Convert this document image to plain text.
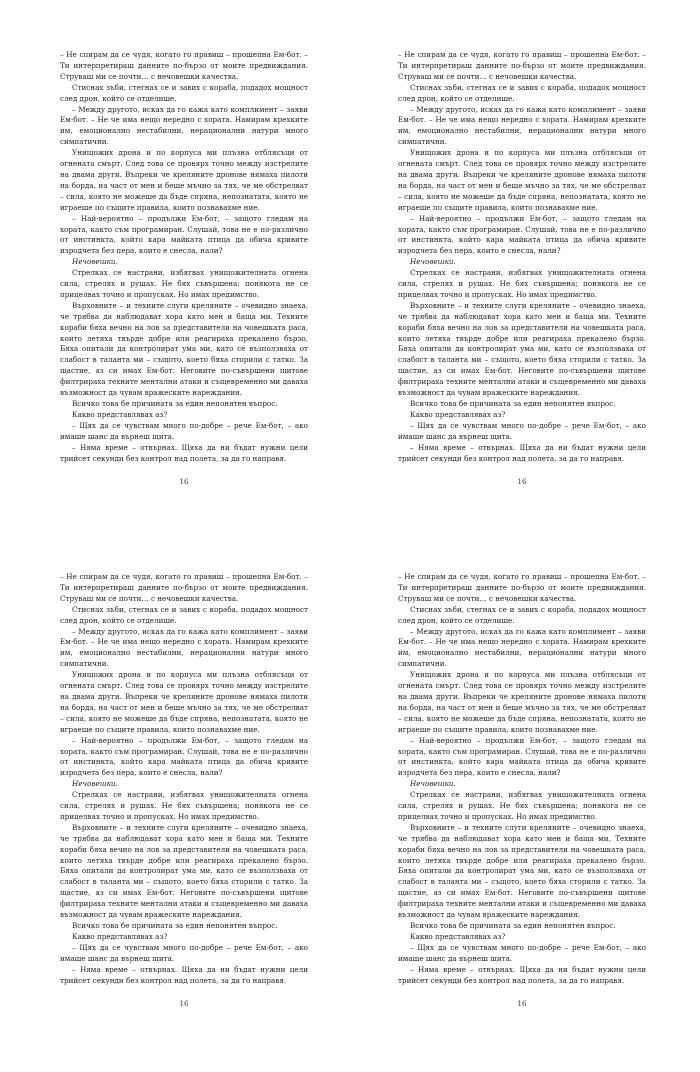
– Не спирам да се чудя, когато го правиш – прошепна Ем-бот. – Ти интерпретираш данните по-бързо от моите предвиждания. Струваш ми се почти… с нечовешки качества.

Стиснах зъби, стегнах се и завих с кораба, подадох мощност след дрон, който се отделише.

– Между другото, исках да го кажа като комплимент – заяви Ем-бот. – Не че има нещо нередно с хората. Намирам крехките им, емоционално нестабилни, нерационални натури много симпатични.

Унищожих дрона и по корпуса ми плъзна отблясъци от огнената смърт. След това се провярх точно между изстрелите на двама други. Въпреки че креляните дронове нямаха пилоти на борда, на част от мен и беше мъчно за тях, че ме обстрелват – сила, която не можеше да бъде спряна, непознатата, която не играеше по същите правила, които познавахме ние.

– Най-вероятно – продължи Ем-бот, – защото гледам на хората, както съм програмиран. Слушай, това не е по-различно от инстинкта, който кара майката птица да обича кривите изродчета без пера, които е снесла, нали?

Нечовешки.

Стрелках се настрани, избягвах унищожителната огнена сила, стрелях и рушах. Не бях съвършена; понякога не се прицелвах точно и пропусках. Но имах предимство.

Върховните – и техните слуги креляните – очевидно знаеха, че трябва да наблюдават хора като мен и баща ми. Техните кораби бяха вечно на лов за представители на човешката раса, които летяха твърде добре или реагираха прекалено бързо. Бяха опитали да контролират ума ми, като се възползваха от слабост в таланта ми – същото, което бяха сторили с татко. За щастие, аз си имах Ем-бот. Неговите по-съвършени щитове филтрираха техните ментални атаки и същевременно ми даваха възможност да чувам вражеските нареждания.

Всичко това бе причината за един непонятен въпрос.

Какво представлявах аз?

– Щях да се чувствам много по-добре – рече Ем-бот, – ако имаше шанс да върнеш щита.

– Няма време – отвърнах. Щяха да ни бъдат нужни цели трийсет секунди без контрол над полета, за да го направя.

16

– Не спирам да се чудя, когато го правиш – прошепна Ем-бот. – Ти интерпретираш данните по-бързо от моите предвиждания. Струваш ми се почти… с нечовешки качества.

Стиснах зъби, стегнах се и завих с кораба, подадох мощност след дрон, който се отделише.

– Между другото, исках да го кажа като комплимент – заяви Ем-бот. – Не че има нещо нередно с хората. Намирам крехките им, емоционално нестабилни, нерационални натури много симпатични.

Унищожих дрона и по корпуса ми плъзна отблясъци от огнената смърт. След това се провярх точно между изстрелите на двама други. Въпреки че креляните дронове нямаха пилоти на борда, на част от мен и беше мъчно за тях, че ме обстрелват – сила, която не можеше да бъде спряна, непознатата, която не играеше по същите правила, които познавахме ние.

– Най-вероятно – продължи Ем-бот, – защото гледам на хората, както съм програмиран. Слушай, това не е по-различно от инстинкта, който кара майката птица да обича кривите изродчета без пера, които е снесла, нали?

Нечовешки.

Стрелках се настрани, избягвах унищожителната огнена сила, стрелях и рушах. Не бях съвършена; понякога не се прицелвах точно и пропусках. Но имах предимство.

Върховните – и техните слуги креляните – очевидно знаеха, че трябва да наблюдават хора като мен и баща ми. Техните кораби бяха вечно на лов за представители на човешката раса, които летяха твърде добре или реагираха прекалено бързо. Бяха опитали да контролират ума ми, като се възползваха от слабост в таланта ми – същото, което бяха сторили с татко. За щастие, аз си имах Ем-бот. Неговите по-съвършени щитове филтрираха техните ментални атаки и същевременно ми даваха възможност да чувам вражеските нареждания.

Всичко това бе причината за един непонятен въпрос.

Какво представлявах аз?

– Щях да се чувствам много по-добре – рече Ем-бот, – ако имаше шанс да върнеш щита.

– Няма време – отвърнах. Щяха да ни бъдат нужни цели трийсет секунди без контрол над полета, за да го направя.

16

– Не спирам да се чудя, когато го правиш – прошепна Ем-бот. – Ти интерпретираш данните по-бързо от моите предвиждания. Струваш ми се почти… с нечовешки качества.

Стиснах зъби, стегнах се и завих с кораба, подадох мощност след дрон, който се отделише.

– Между другото, исках да го кажа като комплимент – заяви Ем-бот. – Не че има нещо нередно с хората. Намирам крехките им, емоционално нестабилни, нерационални натури много симпатични.

Унищожих дрона и по корпуса ми плъзна отблясъци от огнената смърт. След това се провярх точно между изстрелите на двама други. Въпреки че креляните дронове нямаха пилоти на борда, на част от мен и беше мъчно за тях, че ме обстрелват – сила, която не можеше да бъде спряна, непознатата, която не играеше по същите правила, които познавахме ние.

– Най-вероятно – продължи Ем-бот, – защото гледам на хората, както съм програмиран. Слушай, това не е по-различно от инстинкта, който кара майката птица да обича кривите изродчета без пера, които е снесла, нали?

Нечовешки.

Стрелках се настрани, избягвах унищожителната огнена сила, стрелях и рушах. Не бях съвършена; понякога не се прицелвах точно и пропусках. Но имах предимство.

Върховните – и техните слуги креляните – очевидно знаеха, че трябва да наблюдават хора като мен и баща ми. Техните кораби бяха вечно на лов за представители на човешката раса, които летяха твърде добре или реагираха прекалено бързо. Бяха опитали да контролират ума ми, като се възползваха от слабост в таланта ми – същото, което бяха сторили с татко. За щастие, аз си имах Ем-бот. Неговите по-съвършени щитове филтрираха техните ментални атаки и същевременно ми даваха възможност да чувам вражеските нареждания.

Всичко това бе причината за един непонятен въпрос.

Какво представлявах аз?

– Щях да се чувствам много по-добре – рече Ем-бот, – ако имаше шанс да върнеш щита.

– Няма време – отвърнах. Щяха да ни бъдат нужни цели трийсет секунди без контрол над полета, за да го направя.

16

– Не спирам да се чудя, когато го правиш – прошепна Ем-бот. – Ти интерпретираш данните по-бързо от моите предвиждания. Струваш ми се почти… с нечовешки качества.

Стиснах зъби, стегнах се и завих с кораба, подадох мощност след дрон, който се отделише.

– Между другото, исках да го кажа като комплимент – заяви Ем-бот. – Не че има нещо нередно с хората. Намирам крехките им, емоционално нестабилни, нерационални натури много симпатични.

Унищожих дрона и по корпуса ми плъзна отблясъци от огнената смърт. След това се провярх точно между изстрелите на двама други. Въпреки че креляните дронове нямаха пилоти на борда, на част от мен и беше мъчно за тях, че ме обстрелват – сила, която не можеше да бъде спряна, непознатата, която не играеше по същите правила, които познавахме ние.

– Най-вероятно – продължи Ем-бот, – защото гледам на хората, както съм програмиран. Слушай, това не е по-различно от инстинкта, който кара майката птица да обича кривите изродчета без пера, които е снесла, нали?

Нечовешки.

Стрелках се настрани, избягвах унищожителната огнена сила, стрелях и рушах. Не бях съвършена; понякога не се прицелвах точно и пропусках. Но имах предимство.

Върховните – и техните слуги креляните – очевидно знаеха, че трябва да наблюдават хора като мен и баща ми. Техните кораби бяха вечно на лов за представители на човешката раса, които летяха твърде добре или реагираха прекалено бързо. Бяха опитали да контролират ума ми, като се възползваха от слабост в таланта ми – същото, което бяха сторили с татко. За щастие, аз си имах Ем-бот. Неговите по-съвършени щитове филтрираха техните ментални атаки и същевременно ми даваха възможност да чувам вражеските нареждания.

Всичко това бе причината за един непонятен въпрос.

Какво представлявах аз?

– Щях да се чувствам много по-добре – рече Ем-бот, – ако имаше шанс да върнеш щита.

– Няма време – отвърнах. Щяха да ни бъдат нужни цели трийсет секунди без контрол над полета, за да го направя.

16
